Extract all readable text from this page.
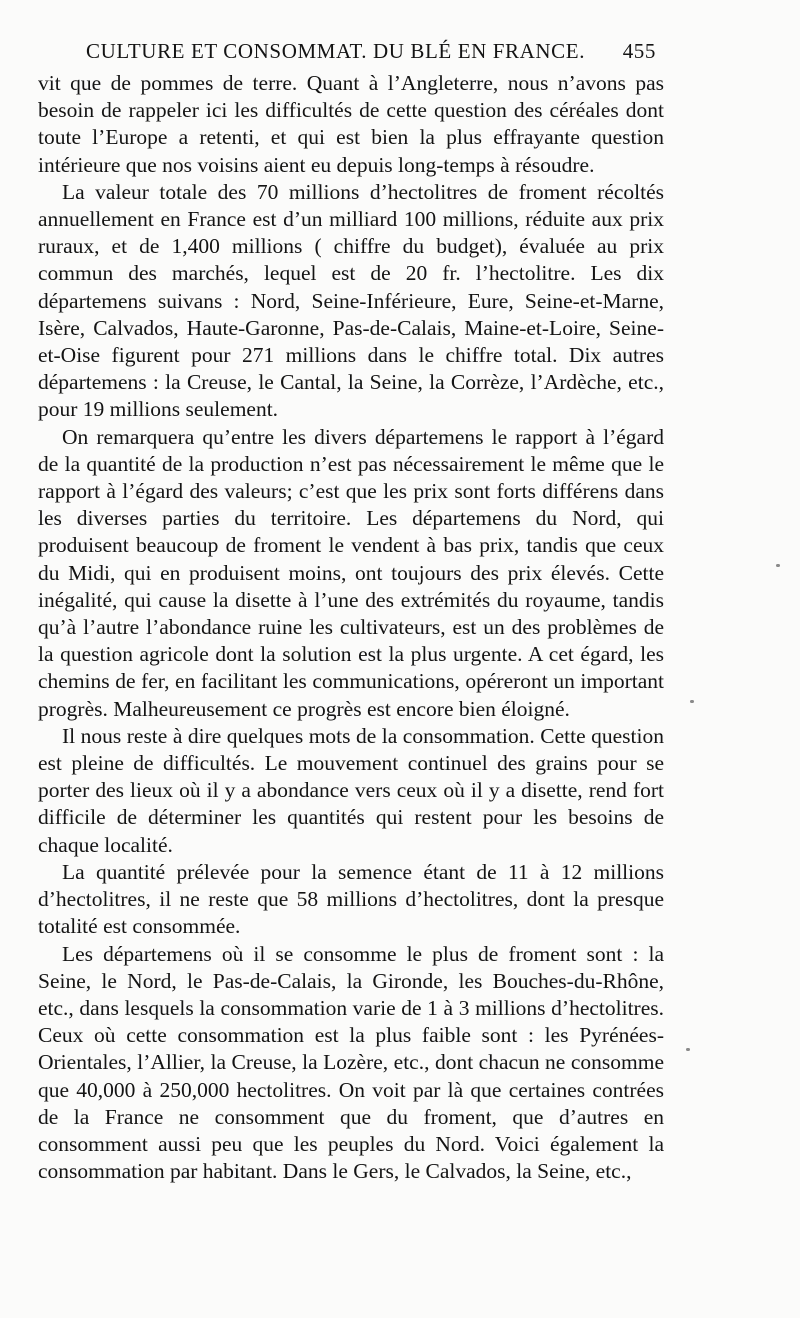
CULTURE ET CONSOMMAT. DU BLÉ EN FRANCE. 455

vit que de pommes de terre. Quant à l’Angleterre, nous n’avons pas besoin de rappeler ici les difficultés de cette question des céréales dont toute l’Europe a retenti, et qui est bien la plus effrayante question intérieure que nos voisins aient eu depuis long-temps à résoudre.

La valeur totale des 70 millions d’hectolitres de froment récoltés annuellement en France est d’un milliard 100 millions, réduite aux prix ruraux, et de 1,400 millions ( chiffre du budget), évaluée au prix commun des marchés, lequel est de 20 fr. l’hectolitre. Les dix départemens suivans : Nord, Seine-Inférieure, Eure, Seine-et-Marne, Isère, Calvados, Haute-Garonne, Pas-de-Calais, Maine-et-Loire, Seine-et-Oise figurent pour 271 millions dans le chiffre total. Dix autres départemens : la Creuse, le Cantal, la Seine, la Corrèze, l’Ardèche, etc., pour 19 millions seulement.

On remarquera qu’entre les divers départemens le rapport à l’égard de la quantité de la production n’est pas nécessairement le même que le rapport à l’égard des valeurs; c’est que les prix sont forts différens dans les diverses parties du territoire. Les départemens du Nord, qui produisent beaucoup de froment le vendent à bas prix, tandis que ceux du Midi, qui en produisent moins, ont toujours des prix élevés. Cette inégalité, qui cause la disette à l’une des extrémités du royaume, tandis qu’à l’autre l’abondance ruine les cultivateurs, est un des problèmes de la question agricole dont la solution est la plus urgente. A cet égard, les chemins de fer, en facilitant les communications, opéreront un important progrès. Malheureusement ce progrès est encore bien éloigné.

Il nous reste à dire quelques mots de la consommation. Cette question est pleine de difficultés. Le mouvement continuel des grains pour se porter des lieux où il y a abondance vers ceux où il y a disette, rend fort difficile de déterminer les quantités qui restent pour les besoins de chaque localité.

La quantité prélevée pour la semence étant de 11 à 12 millions d’hectolitres, il ne reste que 58 millions d’hectolitres, dont la presque totalité est consommée.

Les départemens où il se consomme le plus de froment sont : la Seine, le Nord, le Pas-de-Calais, la Gironde, les Bouches-du-Rhône, etc., dans lesquels la consommation varie de 1 à 3 millions d’hectolitres. Ceux où cette consommation est la plus faible sont : les Pyrénées-Orientales, l’Allier, la Creuse, la Lozère, etc., dont chacun ne consomme que 40,000 à 250,000 hectolitres. On voit par là que certaines contrées de la France ne consomment que du froment, que d’autres en consomment aussi peu que les peuples du Nord. Voici également la consommation par habitant. Dans le Gers, le Calvados, la Seine, etc.,
